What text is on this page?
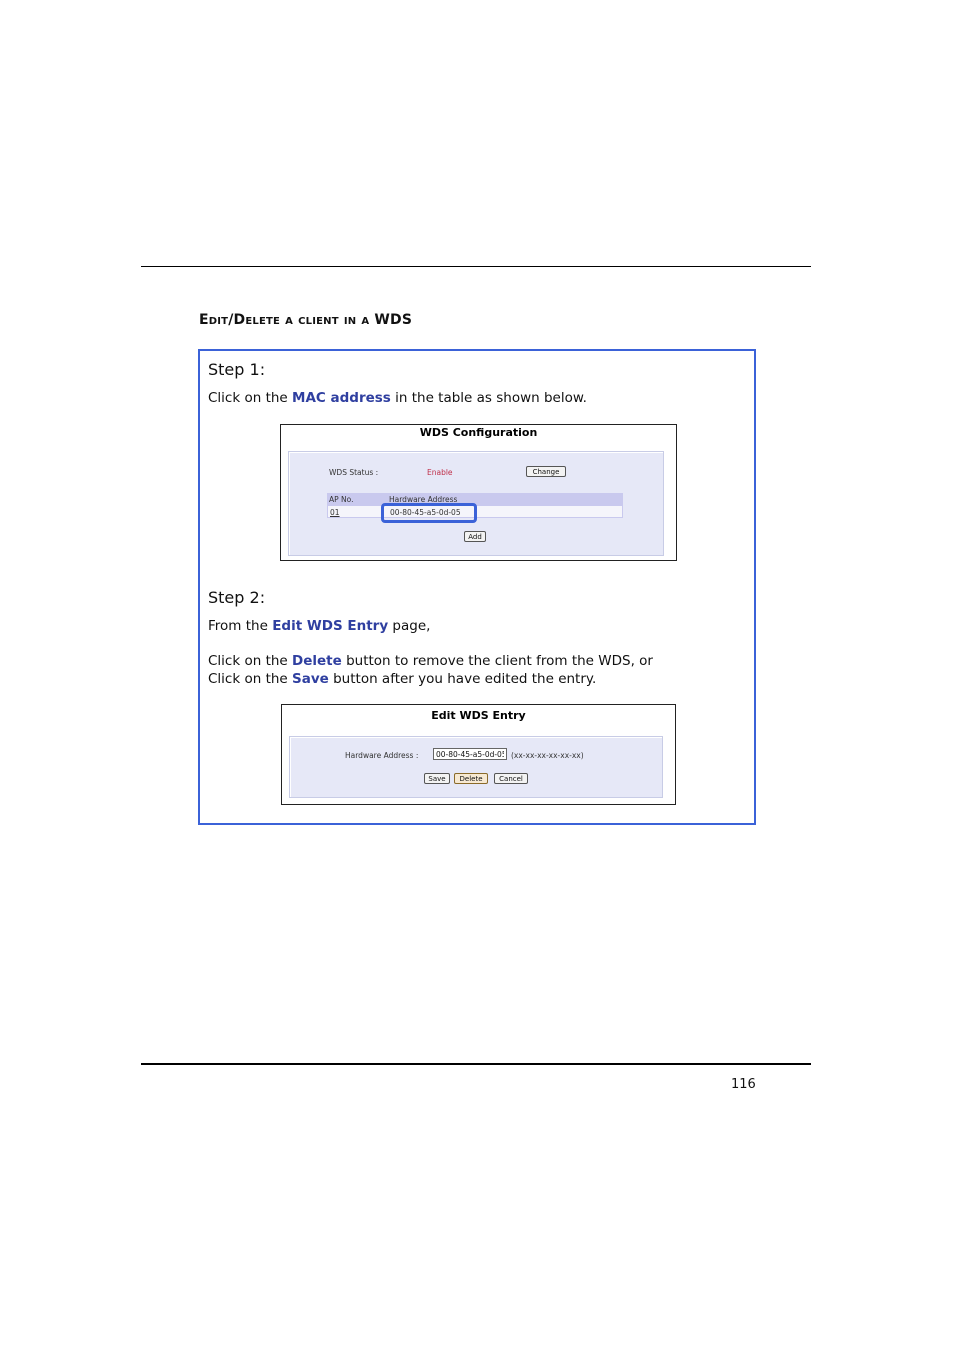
Edit/Delete a client in a WDS
Step 1:
Click on the MAC address in the table as shown below.
WDS Configuration
WDS Status :	Enable	Change
AP No.	Hardware Address
01	00-80-45-a5-0d-05
Add
Step 2:
From the Edit WDS Entry page,
Click on the Delete button to remove the client from the WDS, or
Click on the Save button after you have edited the entry.
Edit WDS Entry
Hardware Address :
00-80-45-a5-0d-05	(xx-xx-xx-xx-xx-xx)
Save	Delete	Cancel
116
